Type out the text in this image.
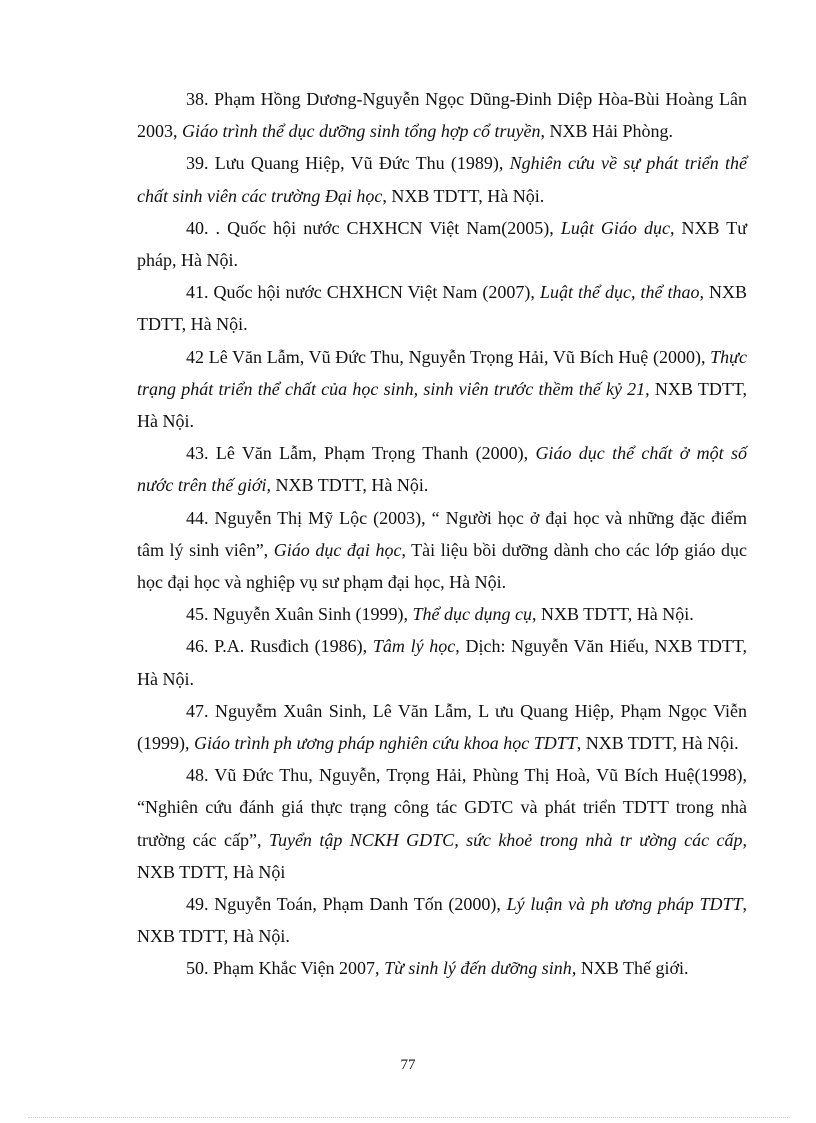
38. Phạm Hồng Dương-Nguyễn Ngọc Dũng-Đinh Diệp Hòa-Bùi Hoàng Lân 2003, Giáo trình thể dục dưỡng sinh tổng hợp cổ truyền, NXB Hải Phòng.

39. Lưu Quang Hiệp, Vũ Đức Thu (1989), Nghiên cứu về sự phát triển thể chất sinh viên các trường Đại học, NXB TDTT, Hà Nội.

40. . Quốc hội nước CHXHCN Việt Nam(2005), Luật Giáo dục, NXB Tư pháp, Hà Nội.

41. Quốc hội nước CHXHCN Việt Nam (2007), Luật thể dục, thể thao, NXB TDTT, Hà Nội.

42 Lê Văn Lẫm, Vũ Đức Thu, Nguyễn Trọng Hải, Vũ Bích Huệ (2000), Thực trạng phát triển thể chất của học sinh, sinh viên trước thềm thế kỷ 21, NXB TDTT, Hà Nội.

43. Lê Văn Lẫm, Phạm Trọng Thanh (2000), Giáo dục thể chất ở một số nước trên thế giới, NXB TDTT, Hà Nội.

44. Nguyễn Thị Mỹ Lộc (2003), “ Người học ở đại học và những đặc điểm tâm lý sinh viên”, Giáo dục đại học, Tài liệu bồi dưỡng dành cho các lớp giáo dục học đại học và nghiệp vụ sư phạm đại học, Hà Nội.

45. Nguyễn Xuân Sinh (1999), Thể dục dụng cụ, NXB TDTT, Hà Nội.

46. P.A. Rusđich (1986), Tâm lý học, Dịch: Nguyễn Văn Hiếu, NXB TDTT, Hà Nội.

47. Nguyễm Xuân Sinh, Lê Văn Lẫm, L ưu Quang Hiệp, Phạm Ngọc Viễn (1999), Giáo trình ph ương pháp nghiên cứu khoa học TDTT, NXB TDTT, Hà Nội.

48. Vũ Đức Thu, Nguyễn, Trọng Hải, Phùng Thị Hoà, Vũ Bích Huệ(1998), “Nghiên cứu đánh giá thực trạng công tác GDTC và phát triển TDTT trong nhà trường các cấp”, Tuyển tập NCKH GDTC, sức khoẻ trong nhà tr ường các cấp, NXB TDTT, Hà Nội

49. Nguyễn Toán, Phạm Danh Tốn (2000), Lý luận và ph ương pháp TDTT, NXB TDTT, Hà Nội.

50. Phạm Khắc Viện 2007, Từ sinh lý đến dưỡng sinh, NXB Thế giới.

77
